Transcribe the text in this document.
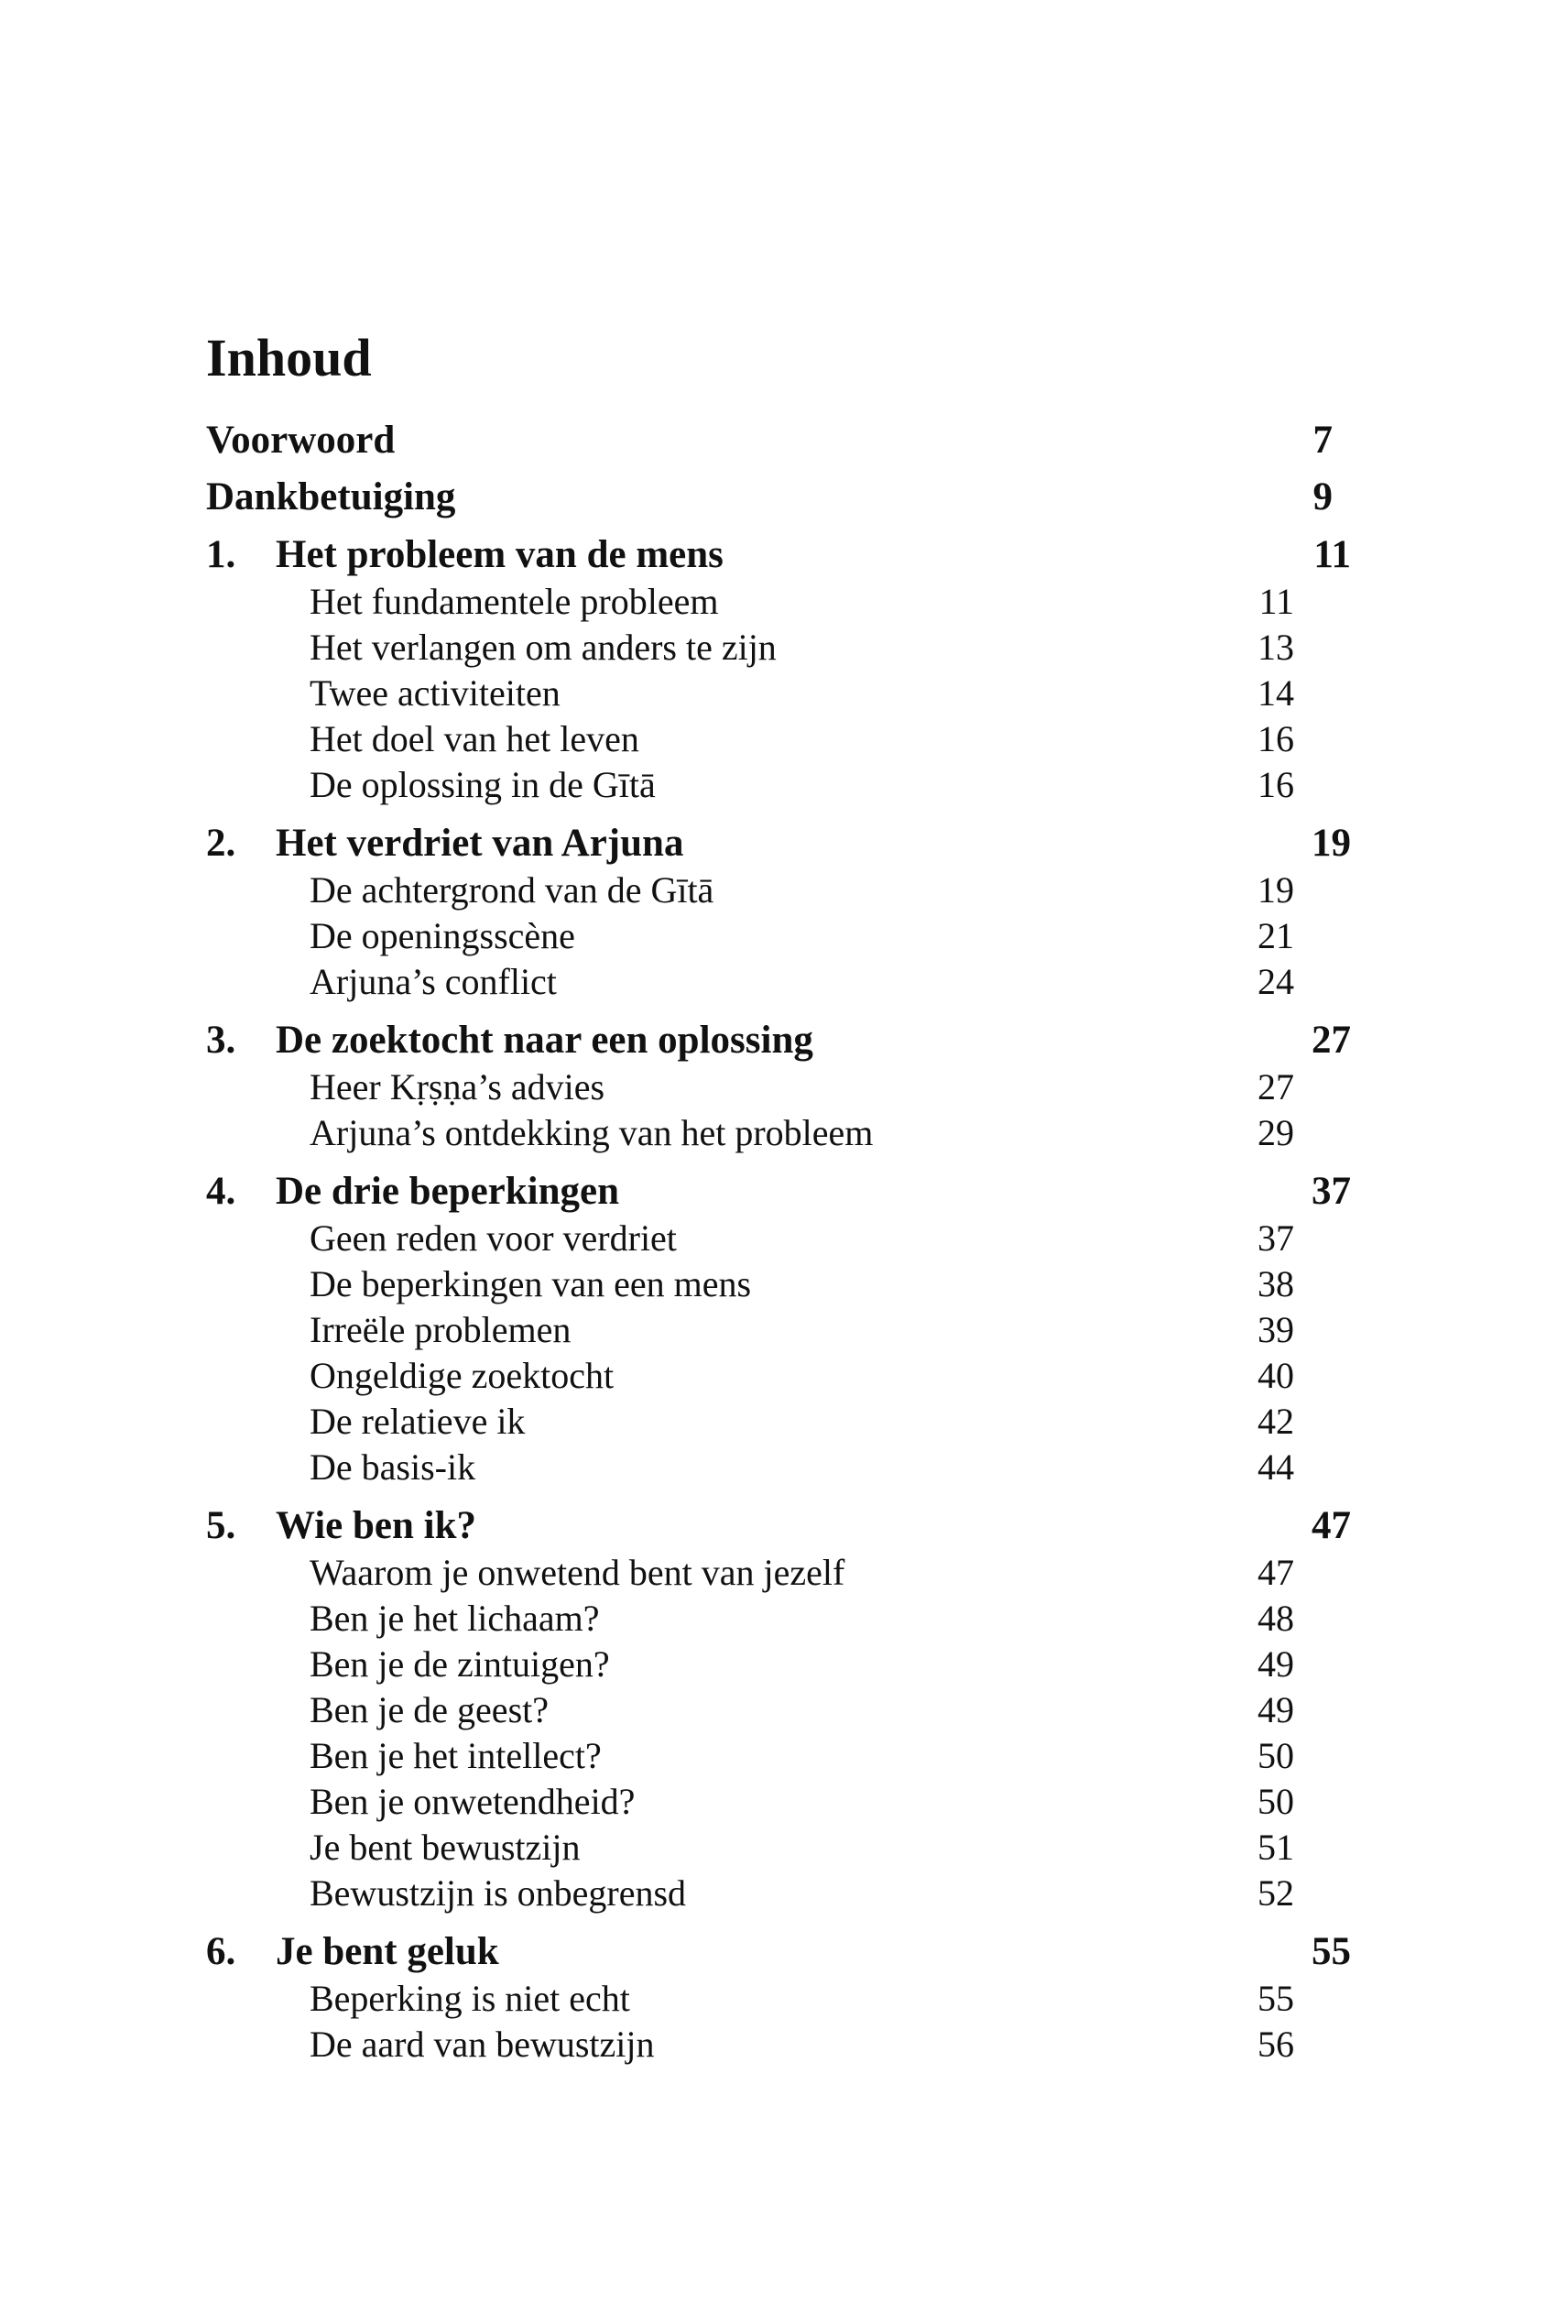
Inhoud
Voorwoord	7
Dankbetuiging	9
1. Het probleem van de mens	11
Het fundamentele probleem	11
Het verlangen om anders te zijn	13
Twee activiteiten	14
Het doel van het leven	16
De oplossing in de Gītā	16
2. Het verdriet van Arjuna	19
De achtergrond van de Gītā	19
De openingsscène	21
Arjuna’s conflict	24
3. De zoektocht naar een oplossing	27
Heer Kṛṣṇa’s advies	27
Arjuna’s ontdekking van het probleem	29
4. De drie beperkingen	37
Geen reden voor verdriet	37
De beperkingen van een mens	38
Irreële problemen	39
Ongeldige zoektocht	40
De relatieve ik	42
De basis-ik	44
5. Wie ben ik?	47
Waarom je onwetend bent van jezelf	47
Ben je het lichaam?	48
Ben je de zintuigen?	49
Ben je de geest?	49
Ben je het intellect?	50
Ben je onwetendheid?	50
Je bent bewustzijn	51
Bewustzijn is onbegrensd	52
6. Je bent geluk	55
Beperking is niet echt	55
De aard van bewustzijn	56
